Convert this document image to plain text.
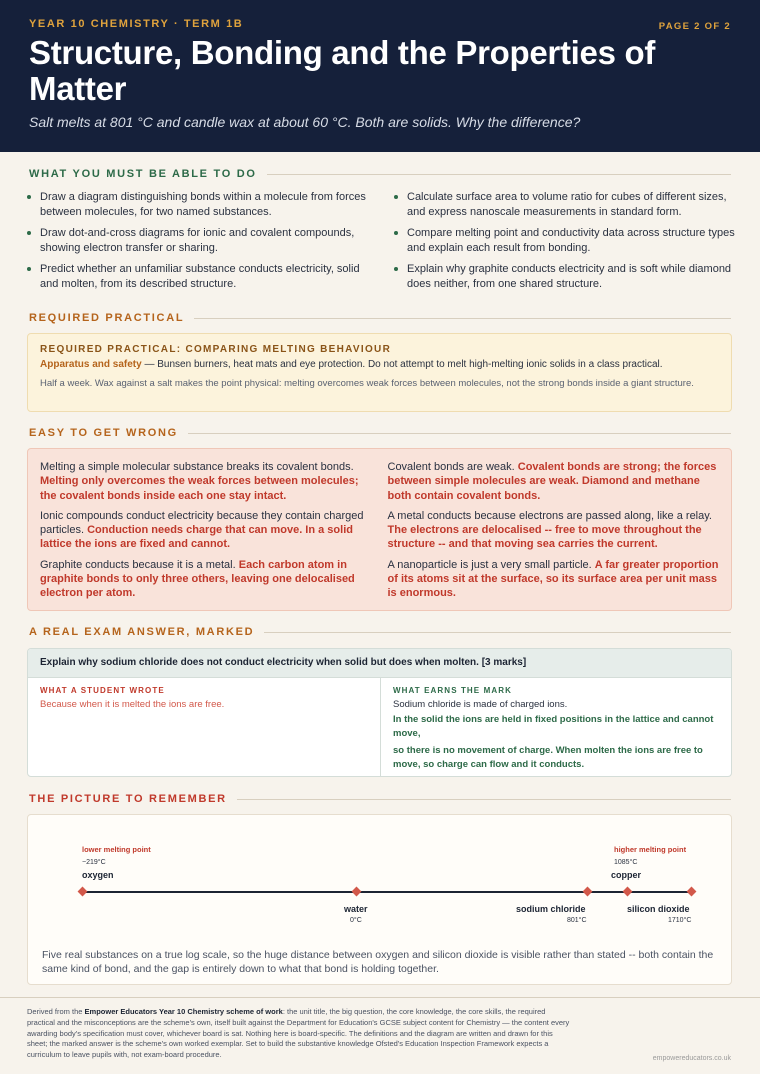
YEAR 10 CHEMISTRY · TERM 1B	PAGE 2 OF 2
Structure, Bonding and the Properties of Matter
Salt melts at 801 °C and candle wax at about 60 °C. Both are solids. Why the difference?
WHAT YOU MUST BE ABLE TO DO
Draw a diagram distinguishing bonds within a molecule from forces between molecules, for two named substances.
Calculate surface area to volume ratio for cubes of different sizes, and express nanoscale measurements in standard form.
Draw dot-and-cross diagrams for ionic and covalent compounds, showing electron transfer or sharing.
Compare melting point and conductivity data across structure types and explain each result from bonding.
Predict whether an unfamiliar substance conducts electricity, solid and molten, from its described structure.
Explain why graphite conducts electricity and is soft while diamond does neither, from one shared structure.
REQUIRED PRACTICAL
REQUIRED PRACTICAL: COMPARING MELTING BEHAVIOUR
Apparatus and safety — Bunsen burners, heat mats and eye protection. Do not attempt to melt high-melting ionic solids in a class practical.
Half a week. Wax against a salt makes the point physical: melting overcomes weak forces between molecules, not the strong bonds inside a giant structure.
EASY TO GET WRONG
Melting a simple molecular substance breaks its covalent bonds. Melting only overcomes the weak forces between molecules; the covalent bonds inside each one stay intact.
Ionic compounds conduct electricity because they contain charged particles. Conduction needs charge that can move. In a solid lattice the ions are fixed and cannot.
Graphite conducts because it is a metal. Each carbon atom in graphite bonds to only three others, leaving one delocalised electron per atom.
Covalent bonds are weak. Covalent bonds are strong; the forces between simple molecules are weak. Diamond and methane both contain covalent bonds.
A metal conducts because electrons are passed along, like a relay. The electrons are delocalised -- free to move throughout the structure -- and that moving sea carries the current.
A nanoparticle is just a very small particle. A far greater proportion of its atoms sit at the surface, so its surface area per unit mass is enormous.
A REAL EXAM ANSWER, MARKED
Explain why sodium chloride does not conduct electricity when solid but does when molten. [3 marks]
WHAT A STUDENT WROTE
Because when it is melted the ions are free.
WHAT EARNS THE MARK
Sodium chloride is made of charged ions.
In the solid the ions are held in fixed positions in the lattice and cannot move,
so there is no movement of charge. When molten the ions are free to move, so charge can flow and it conducts.
THE PICTURE TO REMEMBER
lower melting point	higher melting point
−219°C
oxygen
1085°C
copper
water
0°C
sodium chloride
801°C
silicon dioxide
1710°C
Five real substances on a true log scale, so the huge distance between oxygen and silicon dioxide is visible rather than stated -- both contain the same kind of bond, and the gap is entirely down to what that bond is holding together.
Derived from the Empower Educators Year 10 Chemistry scheme of work: the unit title, the big question, the core knowledge, the core skills, the required practical and the misconceptions are the scheme's own, itself built against the Department for Education's GCSE subject content for Chemistry — the content every awarding body's specification must cover, whichever board is sat. Nothing here is board-specific. The definitions and the diagram are written and drawn for this sheet; the marked answer is the scheme's own worked exemplar. Set to build the substantive knowledge Ofsted's Education Inspection Framework expects a curriculum to leave pupils with, not exam-board procedure.	empowereducators.co.uk
